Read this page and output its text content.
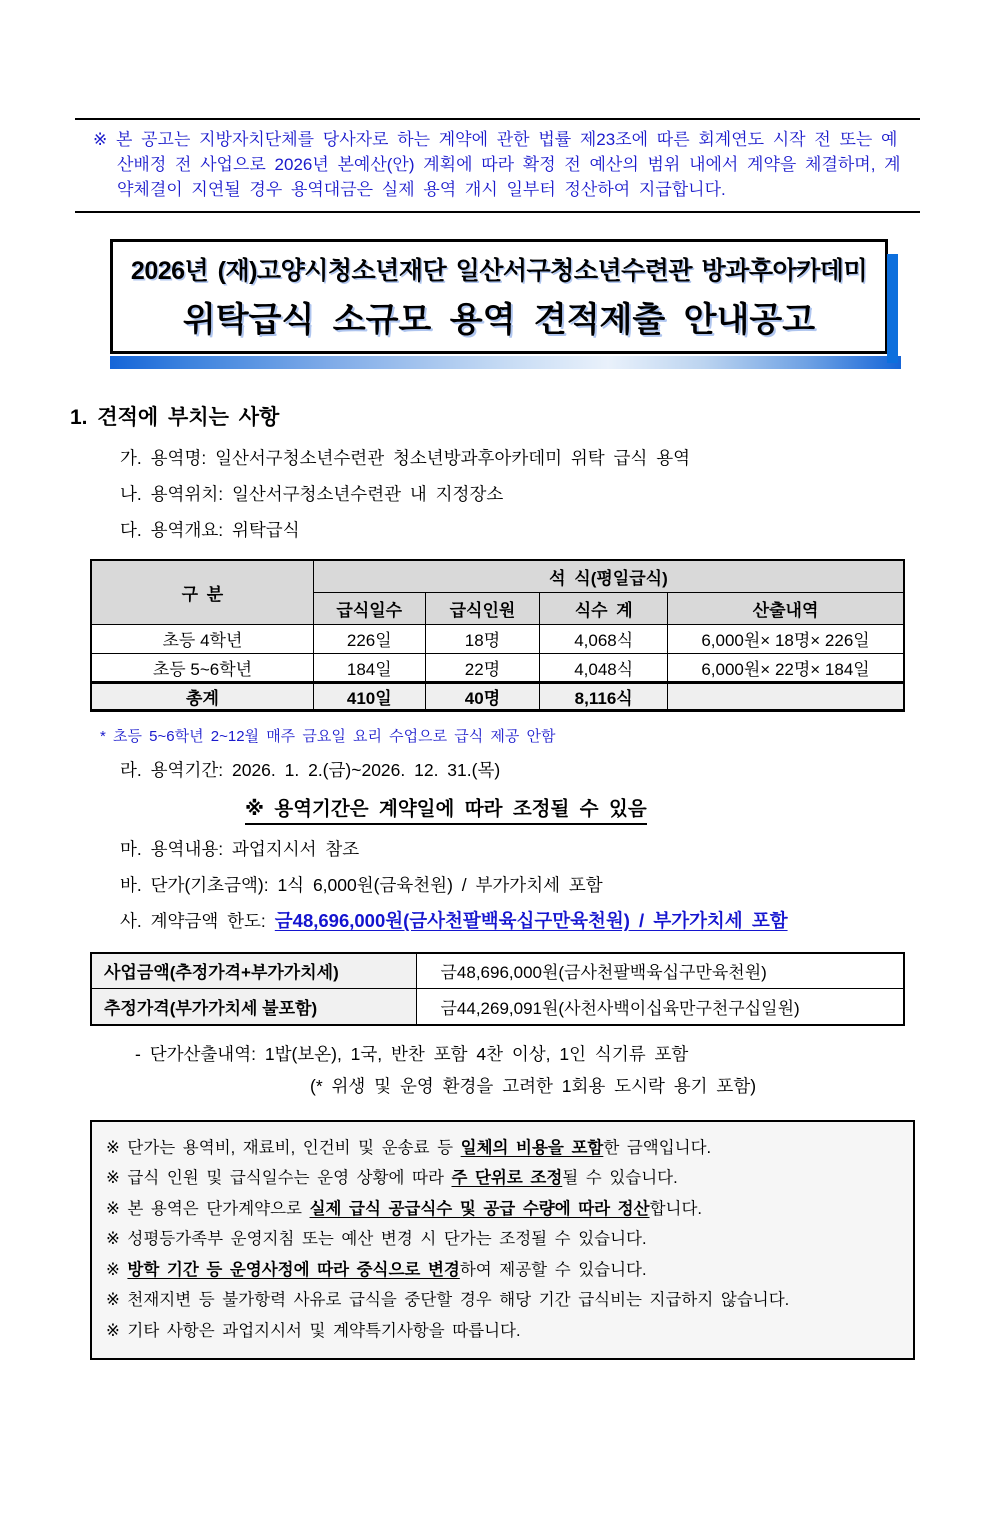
※ 본 공고는 지방자치단체를 당사자로 하는 계약에 관한 법률 제23조에 따른 회계연도 시작 전 또는 예산배정 전 사업으로 2026년 본예산(안) 계획에 따라 확정 전 예산의 범위 내에서 계약을 체결하며, 계약체결이 지연될 경우 용역대금은 실제 용역 개시 일부터 정산하여 지급합니다.

2026년 (재)고양시청소년재단 일산서구청소년수련관 방과후아카데미
위탁급식 소규모 용역 견적제출 안내공고
1. 견적에 부치는 사항
가. 용역명: 일산서구청소년수련관 청소년방과후아카데미 위탁 급식 용역
나. 용역위치: 일산서구청소년수련관 내 지정장소
다. 용역개요: 위탁급식
구 분	석 식(평일급식)			
	급식일수	급식인원	식수 계	산출내역
초등 4학년	226일	18명	4,068식	6,000원× 18명× 226일
초등 5~6학년	184일	22명	4,048식	6,000원× 22명× 184일
총계	410일	40명	8,116식	
* 초등 5~6학년 2~12월 매주 금요일 요리 수업으로 급식 제공 안함
라. 용역기간: 2026. 1. 2.(금)~2026. 12. 31.(목)
※ 용역기간은 계약일에 따라 조정될 수 있음
마. 용역내용: 과업지시서 참조
바. 단가(기초금액): 1식 6,000원(금육천원) / 부가가치세 포함
사. 계약금액 한도: 금48,696,000원(금사천팔백육십구만육천원) / 부가가치세 포함
사업금액(추정가격+부가가치세)	금48,696,000원(금사천팔백육십구만육천원)
추정가격(부가가치세 불포함)	금44,269,091원(사천사백이십육만구천구십일원)
- 단가산출내역: 1밥(보온), 1국, 반찬 포함 4찬 이상, 1인 식기류 포함
(* 위생 및 운영 환경을 고려한 1회용 도시락 용기 포함)
※ 단가는 용역비, 재료비, 인건비 및 운송료 등 일체의 비용을 포함한 금액입니다.
※ 급식 인원 및 급식일수는 운영 상황에 따라 주 단위로 조정될 수 있습니다.
※ 본 용역은 단가계약으로 실제 급식 공급식수 및 공급 수량에 따라 정산합니다.
※ 성평등가족부 운영지침 또는 예산 변경 시 단가는 조정될 수 있습니다.
※ 방학 기간 등 운영사정에 따라 중식으로 변경하여 제공할 수 있습니다.
※ 천재지변 등 불가항력 사유로 급식을 중단할 경우 해당 기간 급식비는 지급하지 않습니다.
※ 기타 사항은 과업지시서 및 계약특기사항을 따릅니다.
